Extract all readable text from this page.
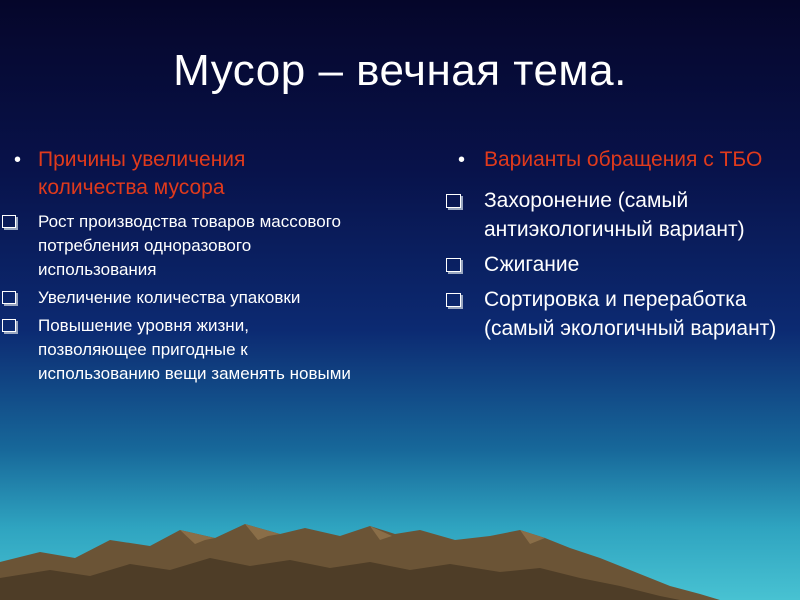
Мусор – вечная тема.
• Причины увеличения количества мусора
Рост производства товаров массового потребления одноразового использования
Увеличение количества упаковки
Повышение уровня жизни, позволяющее пригодные к использованию вещи заменять новыми
• Варианты обращения с ТБО
Захоронение (самый антиэкологичный вариант)
Сжигание
Сортировка и переработка (самый экологичный вариант)
